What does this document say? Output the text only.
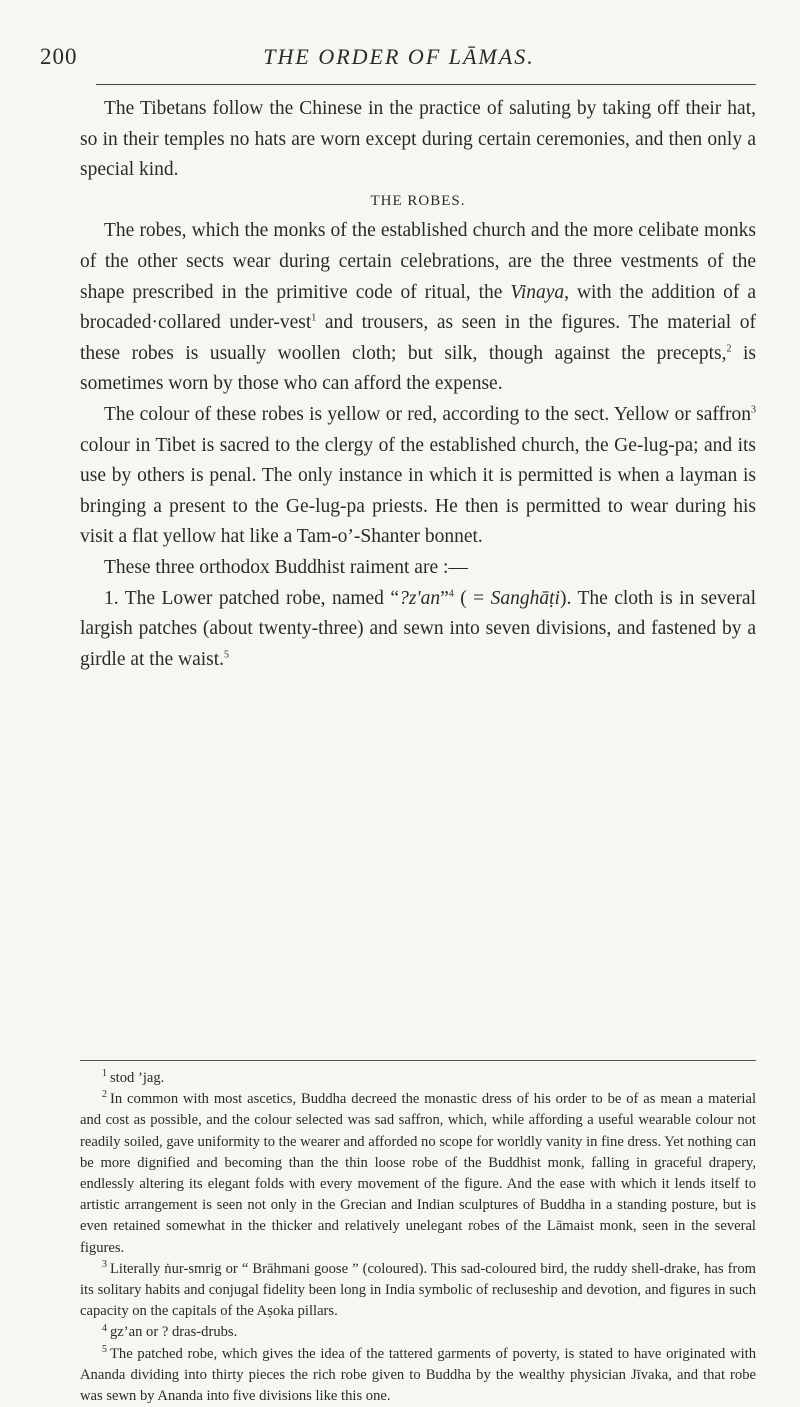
200	THE ORDER OF LĀMAS.

The Tibetans follow the Chinese in the practice of saluting by taking off their hat, so in their temples no hats are worn except during certain ceremonies, and then only a special kind.

THE ROBES.

The robes, which the monks of the established church and the more celibate monks of the other sects wear during certain celebrations, are the three vestments of the shape prescribed in the primitive code of ritual, the Vinaya, with the addition of a brocaded·collared under-vest$^1$ and trousers, as seen in the figures. The material of these robes is usually woollen cloth; but silk, though against the precepts,$^2$ is sometimes worn by those who can afford the expense.

The colour of these robes is yellow or red, according to the sect. Yellow or saffron$^3$ colour in Tibet is sacred to the clergy of the established church, the Ge-lug-pa; and its use by others is penal. The only instance in which it is permitted is when a layman is bringing a present to the Ge-lug-pa priests. He then is permitted to wear during his visit a flat yellow hat like a Tam-o’-Shanter bonnet.

These three orthodox Buddhist raiment are :—

1. The Lower patched robe, named “?z'an”$^4$ ( = Sanghāṭi). The cloth is in several largish patches (about twenty-three) and sewn into seven divisions, and fastened by a girdle at the waist.$^5$

$^1$ stod ’jag.

$^2$ In common with most ascetics, Buddha decreed the monastic dress of his order to be of as mean a material and cost as possible, and the colour selected was sad saffron, which, while affording a useful wearable colour not readily soiled, gave uniformity to the wearer and afforded no scope for worldly vanity in fine dress. Yet nothing can be more dignified and becoming than the thin loose robe of the Buddhist monk, falling in graceful drapery, endlessly altering its elegant folds with every movement of the figure. And the ease with which it lends itself to artistic arrangement is seen not only in the Grecian and Indian sculptures of Buddha in a standing posture, but is even retained somewhat in the thicker and relatively unelegant robes of the Lāmaist monk, seen in the several figures.

$^3$ Literally ṅur-smrig or “ Brāhmani goose ” (coloured). This sad-coloured bird, the ruddy shell-drake, has from its solitary habits and conjugal fidelity been long in India symbolic of recluseship and devotion, and figures in such capacity on the capitals of the Aṣoka pillars.

$^4$ gz’an or ? dras-drubs.

$^5$ The patched robe, which gives the idea of the tattered garments of poverty, is stated to have originated with Ananda dividing into thirty pieces the rich robe given to Buddha by the wealthy physician Jīvaka, and that robe was sewn by Ananda into five divisions like this one.
